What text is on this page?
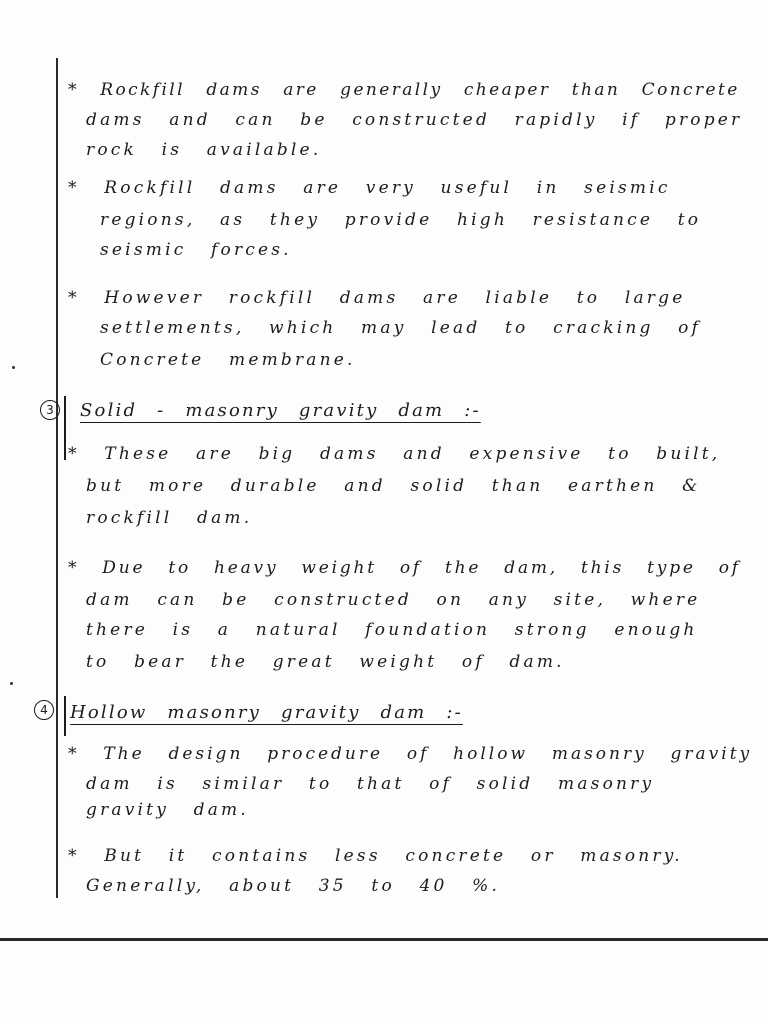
* Rockfill dams are generally cheaper than Concrete
dams and can be constructed rapidly if proper
rock is available.
* Rockfill dams are very useful in seismic
regions, as they provide high resistance to
seismic forces.
* However rockfill dams are liable to large
settlements, which may lead to cracking of
Concrete membrane.
3	Solid - masonry gravity dam :-
* These are big dams and expensive to built,
but more durable and solid than earthen &
rockfill dam.
* Due to heavy weight of the dam, this type of
dam can be constructed on any site, where
there is a natural foundation strong enough
to bear the great weight of dam.
4	Hollow masonry gravity dam :-
* The design procedure of hollow masonry gravity
dam is similar to that of solid masonry
gravity dam.
* But it contains less concrete or masonry.
Generally, about 35 to 40 %.
